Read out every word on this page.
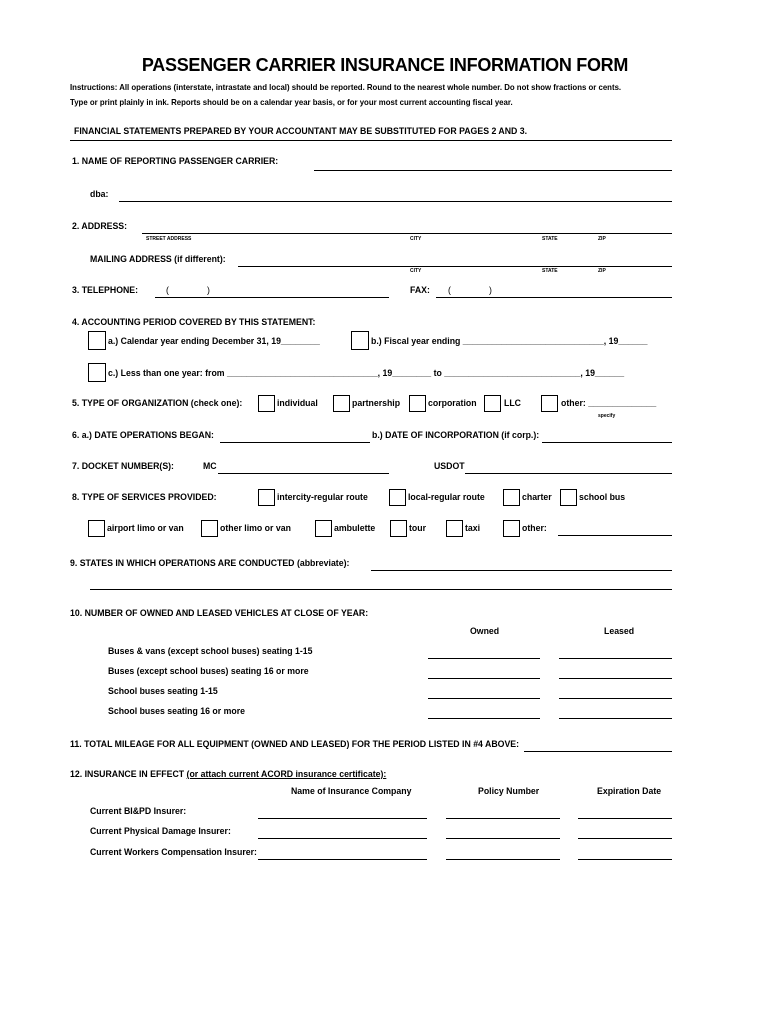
PASSENGER CARRIER INSURANCE INFORMATION FORM
Instructions: All operations (interstate, intrastate and local) should be reported. Round to the nearest whole number. Do not show fractions or cents.
Type or print plainly in ink. Reports should be on a calendar year basis, or for your most current accounting fiscal year.
FINANCIAL STATEMENTS PREPARED BY YOUR ACCOUNTANT MAY BE SUBSTITUTED FOR PAGES 2 AND 3.
1. NAME OF REPORTING PASSENGER CARRIER:
dba:
2. ADDRESS:
STREET ADDRESS	CITY	STATE	ZIP
MAILING ADDRESS (if different):
CITY	STATE	ZIP
3. TELEPHONE:	(	)	FAX: (	)
4. ACCOUNTING PERIOD COVERED BY THIS STATEMENT:
a.) Calendar year ending December 31, 19________	b.) Fiscal year ending _____________________________, 19______
c.) Less than one year: from _______________________________, 19________ to ____________________________, 19______
5. TYPE OF ORGANIZATION (check one):	individual	partnership	corporation	LLC	other: ______________
specify
6. a.) DATE OPERATIONS BEGAN:	b.) DATE OF INCORPORATION (if corp.):
7. DOCKET NUMBER(S):	MC	USDOT
8. TYPE OF SERVICES PROVIDED:	intercity-regular route	local-regular route	charter	school bus
airport limo or van	other limo or van	ambulette	tour	taxi	other:
9. STATES IN WHICH OPERATIONS ARE CONDUCTED (abbreviate):
10. NUMBER OF OWNED AND LEASED VEHICLES AT CLOSE OF YEAR:
Owned	Leased
Buses & vans (except school buses) seating 1-15
Buses (except school buses) seating 16 or more
School buses seating 1-15
School buses seating 16 or more
11. TOTAL MILEAGE FOR ALL EQUIPMENT (OWNED AND LEASED) FOR THE PERIOD LISTED IN #4 ABOVE:
12. INSURANCE IN EFFECT (or attach current ACORD insurance certificate):
Name of Insurance Company	Policy Number	Expiration Date
Current BI&PD Insurer:
Current Physical Damage Insurer:
Current Workers Compensation Insurer:
